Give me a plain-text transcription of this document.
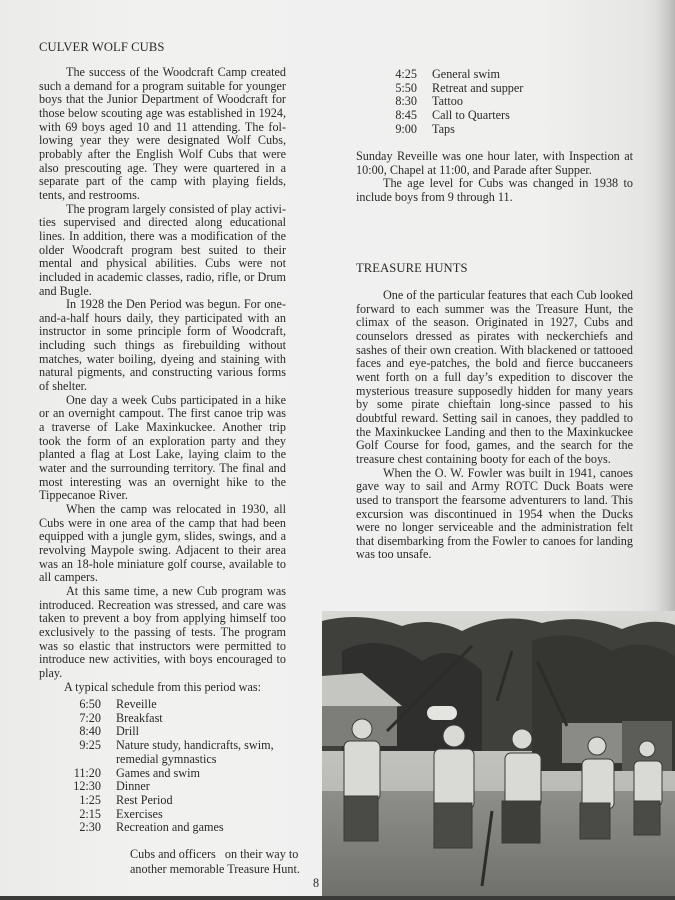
CULVER WOLF CUBS

The success of the Woodcraft Camp created such a demand for a program suitable for younger boys that the Junior Department of Woodcraft for those below scouting age was established in 1924, with 69 boys aged 10 and 11 attending. The following year they were designated Wolf Cubs, probably after the English Wolf Cubs that were also prescouting age. They were quartered in a separate part of the camp with playing fields, tents, and restrooms.

The program largely consisted of play activities supervised and directed along educational lines. In addition, there was a modification of the older Woodcraft program best suited to their mental and physical abilities. Cubs were not included in academic classes, radio, rifle, or Drum and Bugle.

In 1928 the Den Period was begun. For one-and-a-half hours daily, they participated with an instructor in some principle form of Woodcraft, including such things as firebuilding without matches, water boiling, dyeing and staining with natural pigments, and constructing various forms of shelter.

One day a week Cubs participated in a hike or an overnight campout. The first canoe trip was a traverse of Lake Maxinkuckee. Another trip took the form of an exploration party and they planted a flag at Lost Lake, laying claim to the water and the surrounding territory. The final and most interesting was an overnight hike to the Tippecanoe River.

When the camp was relocated in 1930, all Cubs were in one area of the camp that had been equipped with a jungle gym, slides, swings, and a revolving Maypole swing. Adjacent to their area was an 18-hole miniature golf course, available to all campers.

At this same time, a new Cub program was introduced. Recreation was stressed, and care was taken to prevent a boy from applying himself too exclusively to the passing of tests. The program was so elastic that instructors were permitted to introduce new activities, with boys encouraged to play.

A typical schedule from this period was:
6:50 Reveille
7:20 Breakfast
8:40 Drill
9:25 Nature study, handicrafts, swim, remedial gymnastics
11:20 Games and swim
12:30 Dinner
1:25 Rest Period
2:15 Exercises
2:30 Recreation and games
4:25 General swim
5:50 Retreat and supper
8:30 Tattoo
8:45 Call to Quarters
9:00 Taps

Sunday Reveille was one hour later, with Inspection at 10:00, Chapel at 11:00, and Parade after Supper.

The age level for Cubs was changed in 1938 to include boys from 9 through 11.

TREASURE HUNTS

One of the particular features that each Cub looked forward to each summer was the Treasure Hunt, the climax of the season. Originated in 1927, Cubs and counselors dressed as pirates with neckerchiefs and sashes of their own creation. With blackened or tattooed faces and eye-patches, the bold and fierce buccaneers went forth on a full day’s expedition to discover the mysterious treasure supposedly hidden for many years by some pirate chieftain long-since passed to his doubtful reward. Setting sail in canoes, they paddled to the Maxinkuckee Landing and then to the Maxinkuckee Golf Course for food, games, and the search for the treasure chest containing booty for each of the boys.

When the O. W. Fowler was built in 1941, canoes gave way to sail and Army ROTC Duck Boats were used to transport the fearsome adventurers to land. This excursion was discontinued in 1954 when the Ducks were no longer serviceable and the administration felt that disembarking from the Fowler to canoes for landing was too unsafe.

Cubs and officers   on their way to
another memorable Treasure Hunt.
8
